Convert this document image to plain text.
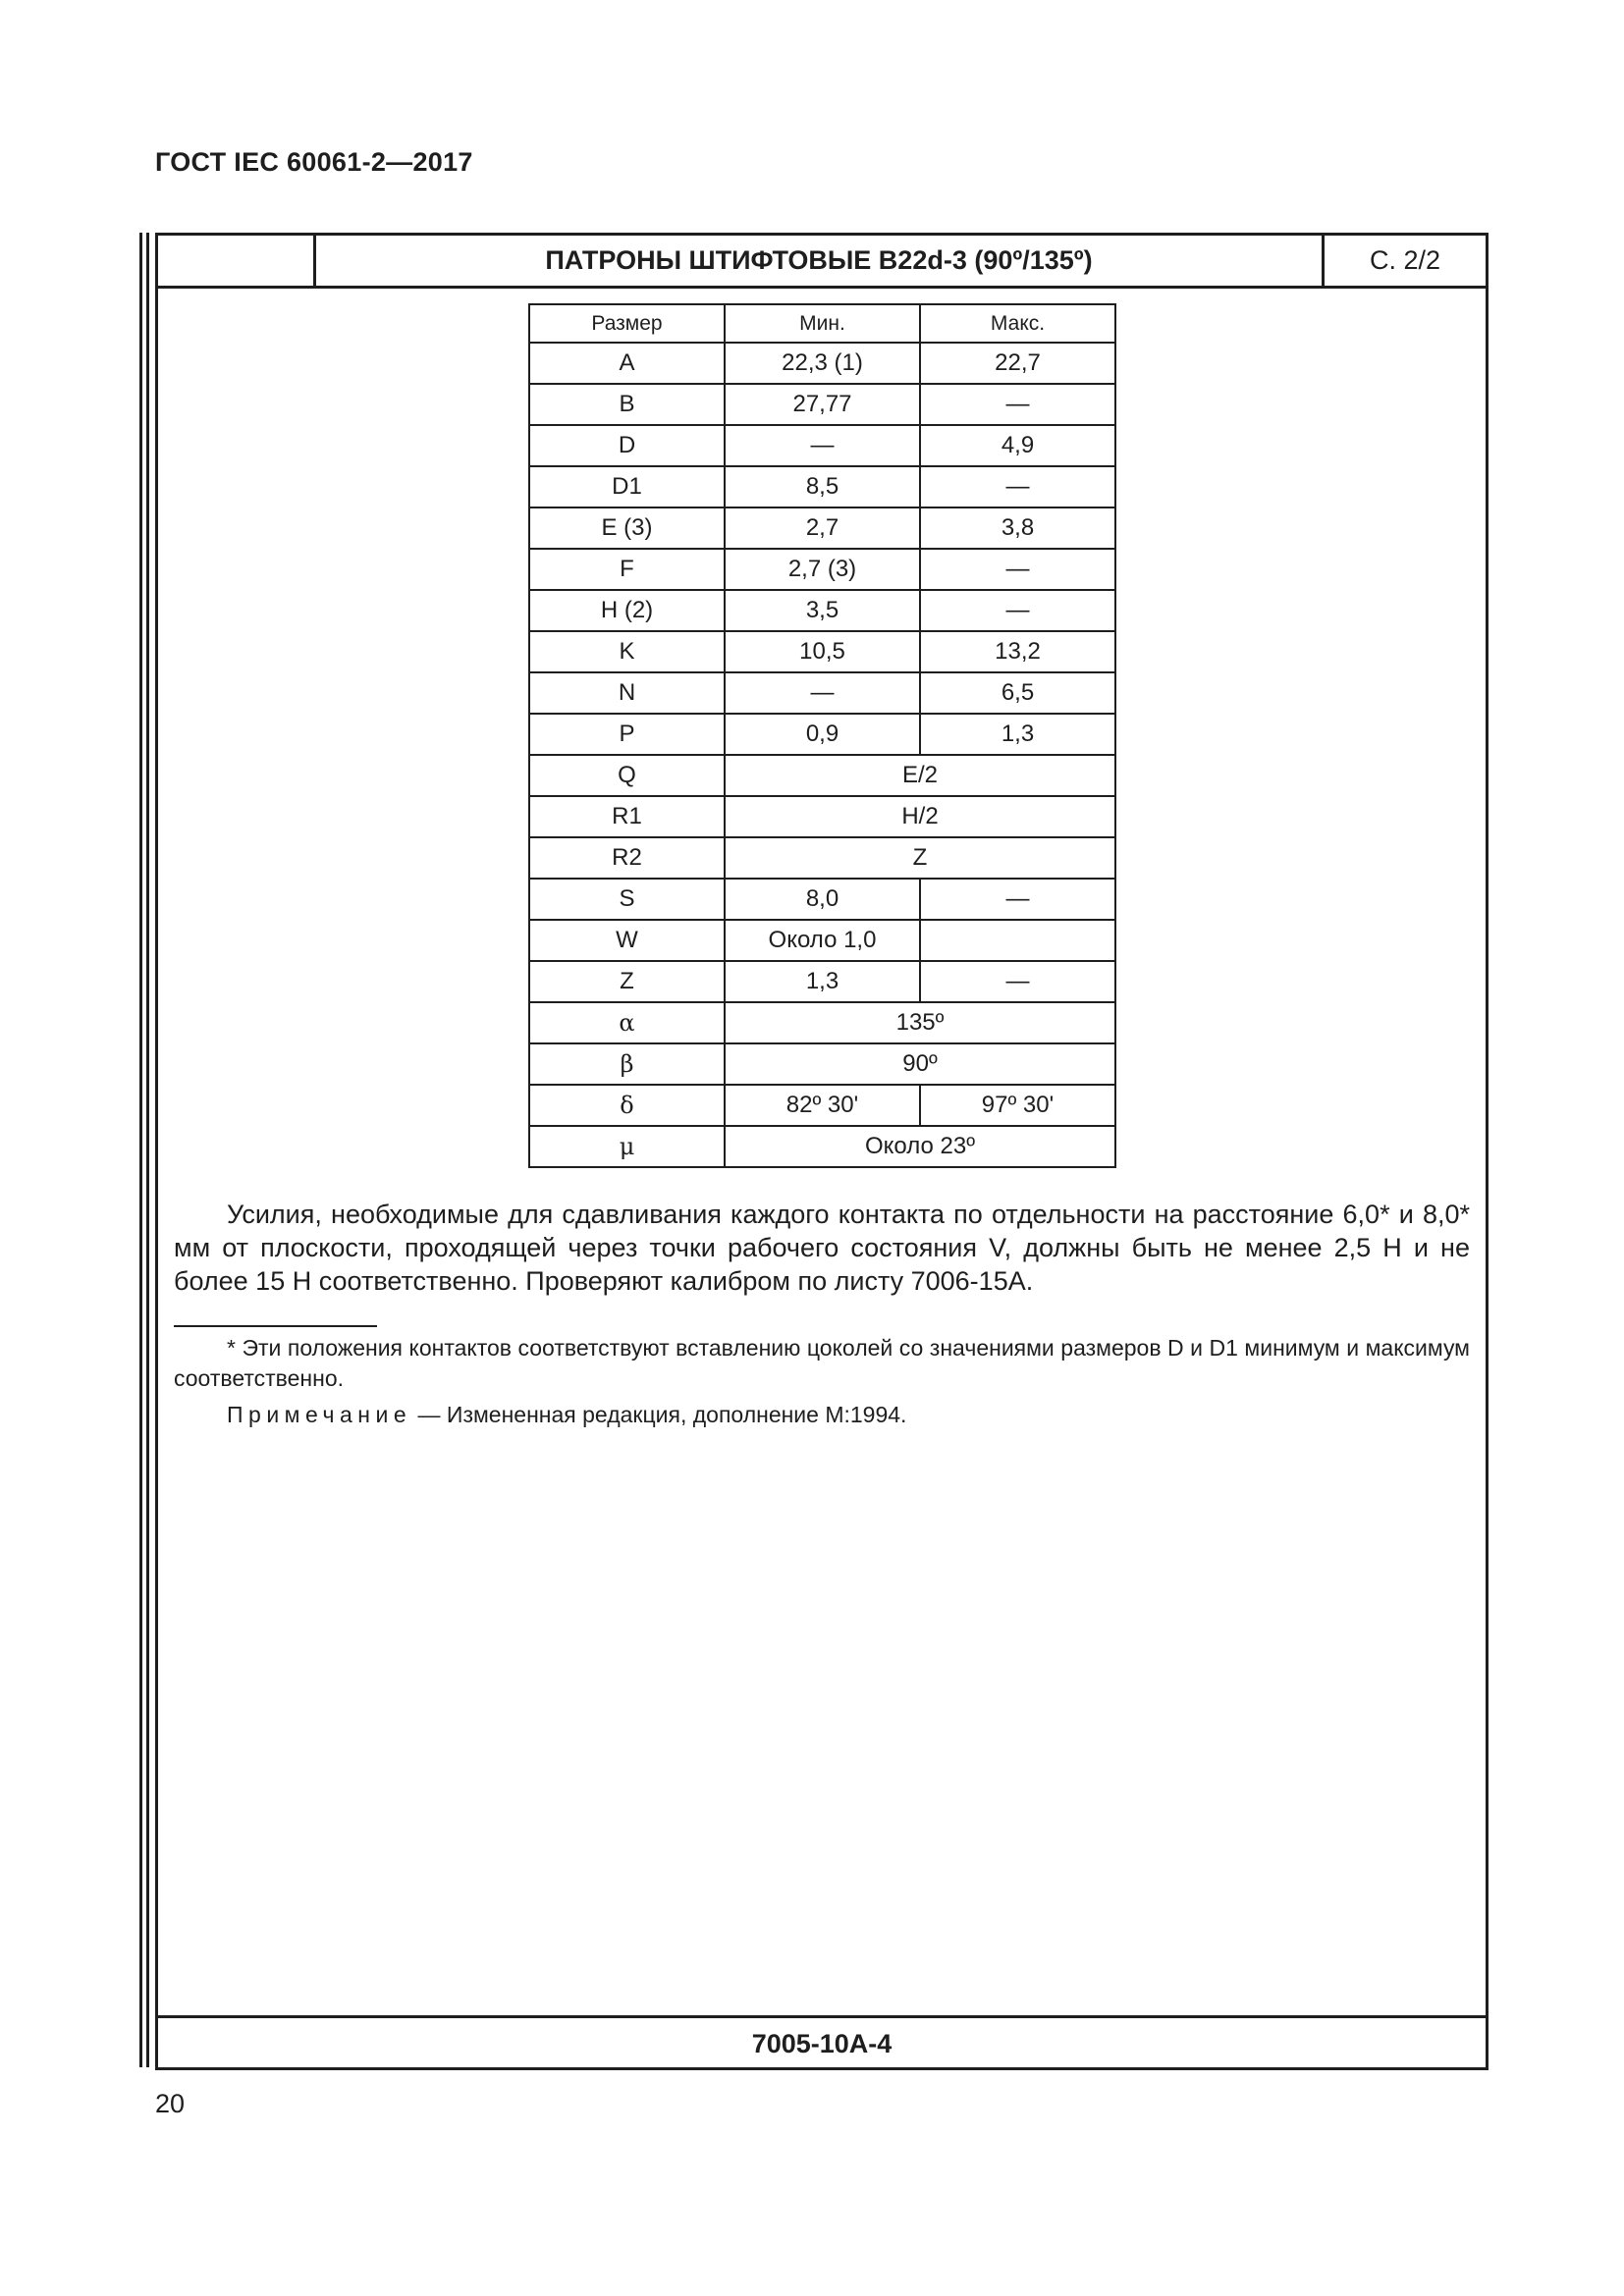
ГОСТ IEC 60061-2—2017
ПАТРОНЫ ШТИФТОВЫЕ В22d-3 (90º/135º)	С. 2/2
Размер	Мин.	Макс.
A	22,3 (1)	22,7
B	27,77	—
D	—	4,9
D1	8,5	—
E (3)	2,7	3,8
F	2,7 (3)	—
H (2)	3,5	—
K	10,5	13,2
N	—	6,5
P	0,9	1,3
Q	E/2	
R1	H/2	
R2	Z	
S	8,0	—
W	Около 1,0	
Z	1,3	—
α	135º	
β	90º	
δ	82º 30'	97º 30'
μ	Около 23º	

Усилия, необходимые для сдавливания каждого контакта по отдельности на расстояние 6,0* и 8,0* мм от плоскости, проходящей через точки рабочего состояния V, должны быть не менее 2,5 Н и не более 15 Н соответственно. Проверяют калибром по листу 7006-15А.

* Эти положения контактов соответствуют вставлению цоколей со значениями размеров D и D1 минимум и максимум соответственно.

Примечание — Измененная редакция, дополнение М:1994.

7005-10А-4
20
